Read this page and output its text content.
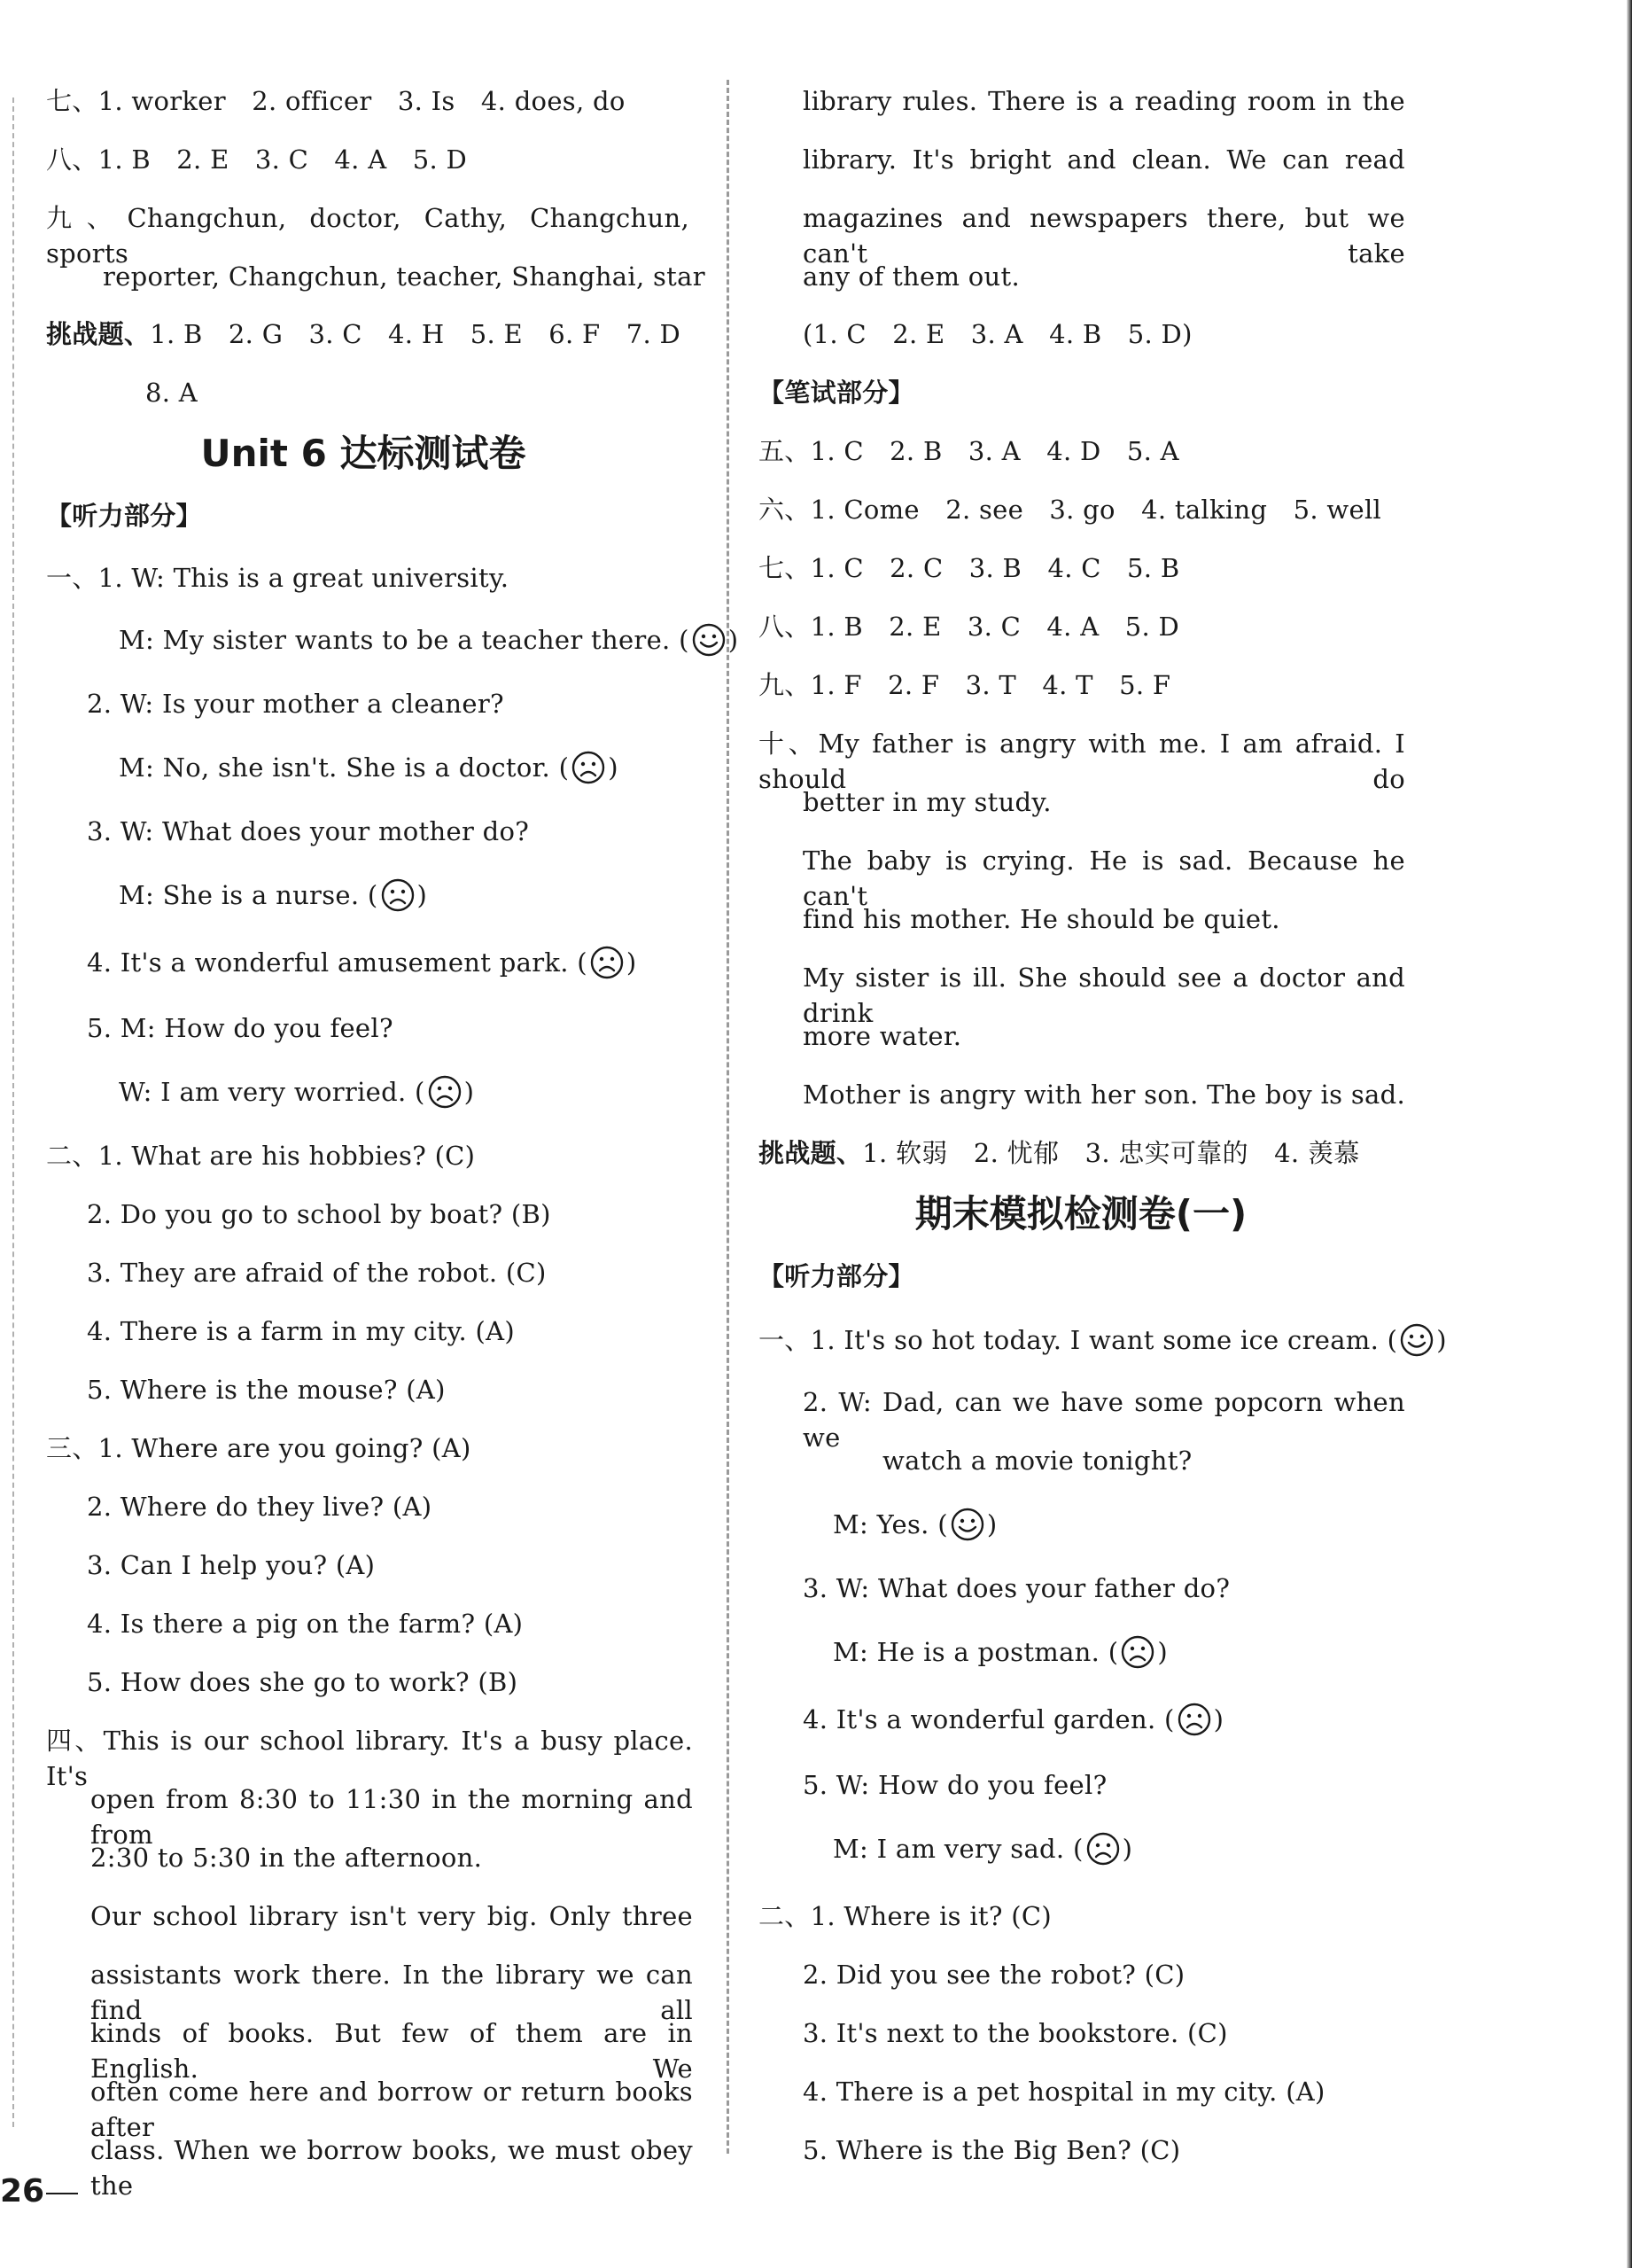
七、1. worker　2. officer　3. Is　4. does, do
八、1. B　2. E　3. C　4. A　5. D
九、Changchun, doctor, Cathy, Changchun, sports
reporter, Changchun, teacher, Shanghai, star
挑战题、1. B　2. G　3. C　4. H　5. E　6. F　7. D
8. A
Unit 6 达标测试卷
【听力部分】
一、1. W: This is a great university.
M: My sister wants to be a teacher there. ( )
2. W: Is your mother a cleaner?
M: No, she isn't. She is a doctor. ( )
3. W: What does your mother do?
M: She is a nurse. ( )
4. It's a wonderful amusement park. ( )
5. M: How do you feel?
W: I am very worried. ( )
二、1. What are his hobbies? (C)
2. Do you go to school by boat? (B)
3. They are afraid of the robot. (C)
4. There is a farm in my city. (A)
5. Where is the mouse? (A)
三、1. Where are you going? (A)
2. Where do they live? (A)
3. Can I help you? (A)
4. Is there a pig on the farm? (A)
5. How does she go to work? (B)
四、This is our school library. It's a busy place. It's
open from 8:30 to 11:30 in the morning and from
2:30 to 5:30 in the afternoon.
Our school library isn't very big. Only three
assistants work there. In the library we can find all
kinds of books. But few of them are in English. We
often come here and borrow or return books after
class. When we borrow books, we must obey the
library rules. There is a reading room in the
library. It's bright and clean. We can read
magazines and newspapers there, but we can't take
any of them out.
(1. C　2. E　3. A　4. B　5. D)
【笔试部分】
五、1. C　2. B　3. A　4. D　5. A
六、1. Come　2. see　3. go　4. talking　5. well
七、1. C　2. C　3. B　4. C　5. B
八、1. B　2. E　3. C　4. A　5. D
九、1. F　2. F　3. T　4. T　5. F
十、My father is angry with me. I am afraid. I should do
better in my study.
The baby is crying. He is sad. Because he can't
find his mother. He should be quiet.
My sister is ill. She should see a doctor and drink
more water.
Mother is angry with her son. The boy is sad.
挑战题、1. 软弱　2. 忧郁　3. 忠实可靠的　4. 羡慕
期末模拟检测卷(一)
【听力部分】
一、1. It's so hot today. I want some ice cream. ( )
2. W: Dad, can we have some popcorn when we
watch a movie tonight?
M: Yes. ( )
3. W: What does your father do?
M: He is a postman. ( )
4. It's a wonderful garden. ( )
5. W: How do you feel?
M: I am very sad. ( )
二、1. Where is it? (C)
2. Did you see the robot? (C)
3. It's next to the bookstore. (C)
4. There is a pet hospital in my city. (A)
5. Where is the Big Ben? (C)
26
